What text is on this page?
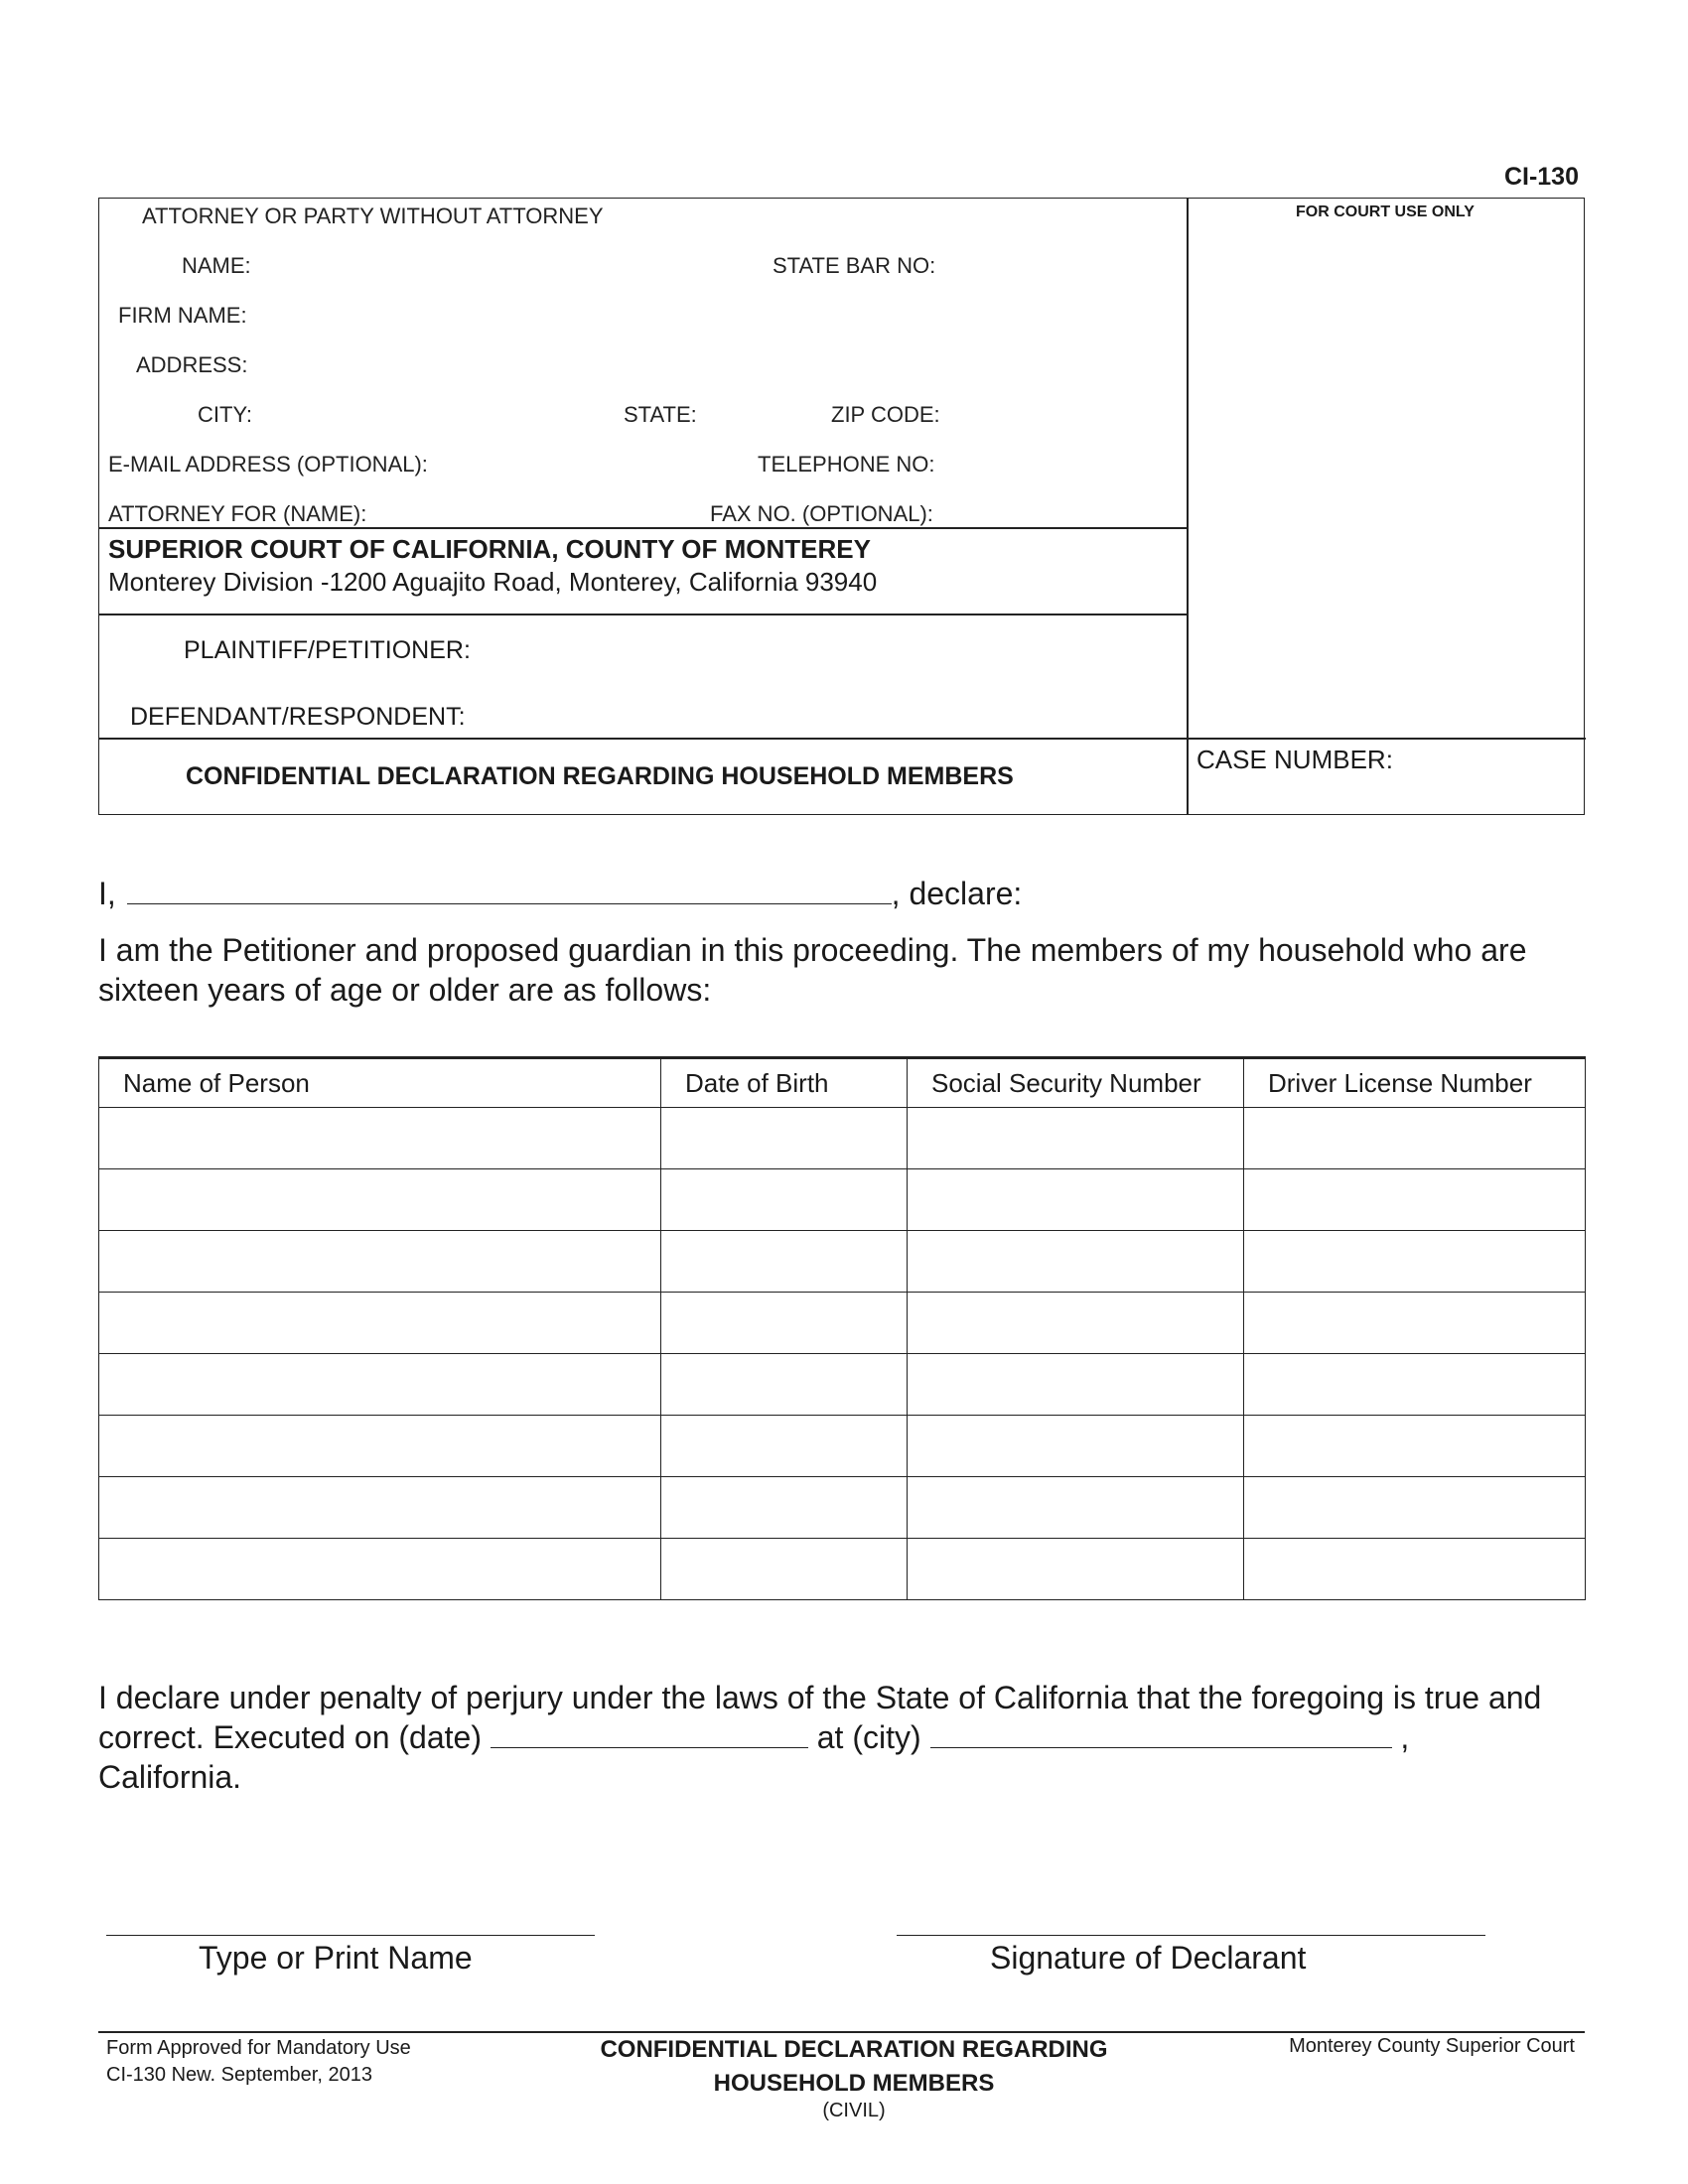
CI-130
ATTORNEY OR PARTY WITHOUT ATTORNEY	FOR COURT USE ONLY
NAME:	STATE BAR NO:
FIRM NAME:
ADDRESS:
CITY:	STATE:	ZIP CODE:
E-MAIL ADDRESS (OPTIONAL):	TELEPHONE NO:
ATTORNEY FOR (NAME):	FAX NO. (OPTIONAL):
SUPERIOR COURT OF CALIFORNIA, COUNTY OF MONTEREY
Monterey Division -1200 Aguajito Road, Monterey, California 93940
PLAINTIFF/PETITIONER:
DEFENDANT/RESPONDENT:
CONFIDENTIAL DECLARATION REGARDING HOUSEHOLD MEMBERS
CASE NUMBER:
I,	, declare:
I am the Petitioner and proposed guardian in this proceeding. The members of my household who are sixteen years of age or older are as follows:
Name of Person	Date of Birth	Social Security Number	Driver License Number

I declare under penalty of perjury under the laws of the State of California that the foregoing is true and correct. Executed on (date)	at (city)	,
California.
Type or Print Name	Signature of Declarant
Form Approved for Mandatory Use
CI-130 New. September, 2013
CONFIDENTIAL DECLARATION REGARDING
HOUSEHOLD MEMBERS
(CIVIL)
Monterey County Superior Court
